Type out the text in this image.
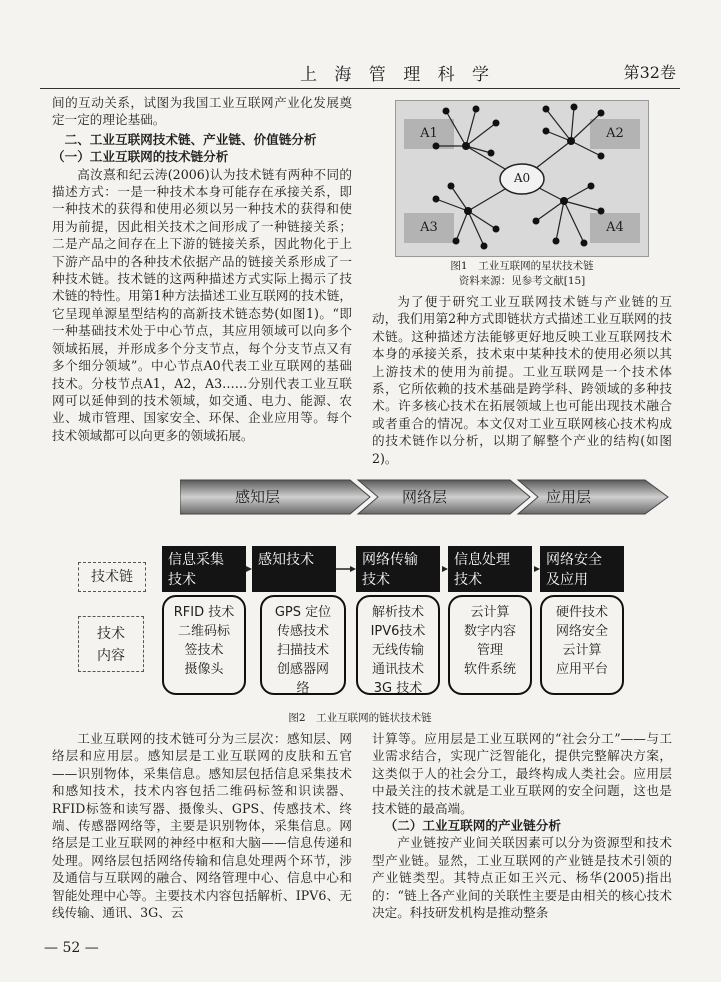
上 海 管 理 科 学	第32卷

间的互动关系，试图为我国工业互联网产业化发展奠定一定的理论基础。

二、工业互联网技术链、产业链、价值链分析

（一）工业互联网的技术链分析

高汝熹和纪云涛(2006)认为技术链有两种不同的描述方式：一是一种技术本身可能存在承接关系，即一种技术的获得和使用必须以另一种技术的获得和使用为前提，因此相关技术之间形成了一种链接关系；二是产品之间存在上下游的链接关系，因此物化于上下游产品中的各种技术依据产品的链接关系形成了一种技术链。技术链的这两种描述方式实际上揭示了技术链的特性。用第1种方法描述工业互联网的技术链，它呈现单源星型结构的高新技术链态势(如图1)。“即一种基础技术处于中心节点，其应用领域可以向多个领域拓展，并形成多个分支节点，每个分支节点又有多个细分领域”。中心节点A0代表工业互联网的基础技术。分枝节点A1，A2，A3……分别代表工业互联网可以延伸到的技术领域，如交通、电力、能源、农业、城市管理、国家安全、环保、企业应用等。每个技术领域都可以向更多的领域拓展。

A1	A2
A3	A4
A0
图1　工业互联网的星状技术链
资料来源：见参考文献[15]

为了便于研究工业互联网技术链与产业链的互动，我们用第2种方式即链状方式描述工业互联网的技术链。这种描述方法能够更好地反映工业互联网技术本身的承接关系，技术束中某种技术的使用必须以其上游技术的使用为前提。工业互联网是一个技术体系，它所依赖的技术基础是跨学科、跨领域的多种技术。许多核心技术在拓展领域上也可能出现技术融合或者重合的情况。本文仅对工业互联网核心技术构成的技术链作以分析，以期了解整个产业的结构(如图2)。

感知层	网络层	应用层
技术链
技术
内容
信息采集
技术
感知技术	网络传输
技术
信息处理
技术
网络安全
及应用
RFID 技术
二维码标
签技术
摄像头
GPS 定位
传感技术
扫描技术
创感器网
络
解析技术
IPV6技术
无线传输
通讯技术
3G 技术
云计算
数字内容
管理
软件系统
硬件技术
网络安全
云计算
应用平台
图2　工业互联网的链状技术链

工业互联网的技术链可分为三层次：感知层、网络层和应用层。感知层是工业互联网的皮肤和五官——识别物体，采集信息。感知层包括信息采集技术和感知技术，技术内容包括二维码标签和识读器、RFID标签和读写器、摄像头、GPS、传感技术、终端、传感器网络等，主要是识别物体，采集信息。网络层是工业互联网的神经中枢和大脑——信息传递和处理。网络层包括网络传输和信息处理两个环节，涉及通信与互联网的融合、网络管理中心、信息中心和智能处理中心等。主要技术内容包括解析、IPV6、无线传输、通讯、3G、云

计算等。应用层是工业互联网的“社会分工”——与工业需求结合，实现广泛智能化，提供完整解决方案，这类似于人的社会分工，最终构成人类社会。应用层中最关注的技术就是工业互联网的安全问题，这也是技术链的最高端。

（二）工业互联网的产业链分析

产业链按产业间关联因素可以分为资源型和技术型产业链。显然，工业互联网的产业链是技术引领的产业链类型。其特点正如王兴元、杨华(2005)指出的：“链上各产业间的关联性主要是由相关的核心技术决定。科技研发机构是推动整条

— 52 —
